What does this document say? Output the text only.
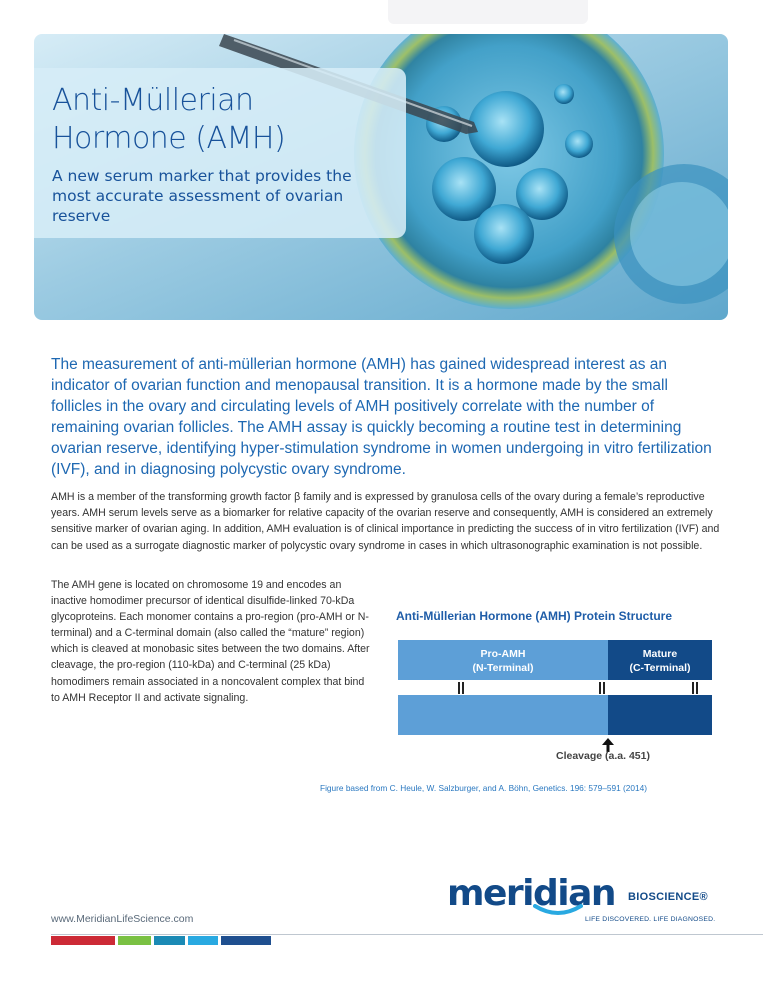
Anti-Müllerian Hormone (AMH)

A new serum marker that provides the most accurate assessment of ovarian reserve

The measurement of anti-müllerian hormone (AMH) has gained widespread interest as an indicator of ovarian function and menopausal transition. It is a hormone made by the small follicles in the ovary and circulating levels of AMH positively correlate with the number of remaining ovarian follicles. The AMH assay is quickly becoming a routine test in determining ovarian reserve, identifying hyper-stimulation syndrome in women undergoing in vitro fertilization (IVF), and in diagnosing polycystic ovary syndrome.

AMH is a member of the transforming growth factor β family and is expressed by granulosa cells of the ovary during a female’s reproductive years. AMH serum levels serve as a biomarker for relative capacity of the ovarian reserve and consequently, AMH is considered an extremely sensitive marker of ovarian aging. In addition, AMH evaluation is of clinical importance in predicting the success of in vitro fertilization (IVF) and can be used as a surrogate diagnostic marker of polycystic ovary syndrome in cases in which ultrasonographic examination is not possible.

The AMH gene is located on chromosome 19 and encodes an inactive homodimer precursor of identical disulfide-linked 70-kDa glycoproteins. Each monomer contains a pro-region (pro-AMH or N-terminal) and a C-terminal domain (also called the “mature” region) which is cleaved at monobasic sites between the two domains. After cleavage, the pro-region (110-kDa) and C-terminal (25 kDa) homodimers remain associated in a noncovalent complex that bind to AMH Receptor II and activate signaling.

Anti-Müllerian Hormone (AMH) Protein Structure

Pro-AMH
(N-Terminal)
Mature
(C-Terminal)
Cleavage (a.a. 451)
Figure based from C. Heule, W. Salzburger, and A. Böhn, Genetics. 196: 579–591 (2014)
meridian BIOSCIENCE®
LIFE DISCOVERED. LIFE DIAGNOSED.
www.MeridianLifeScience.com
